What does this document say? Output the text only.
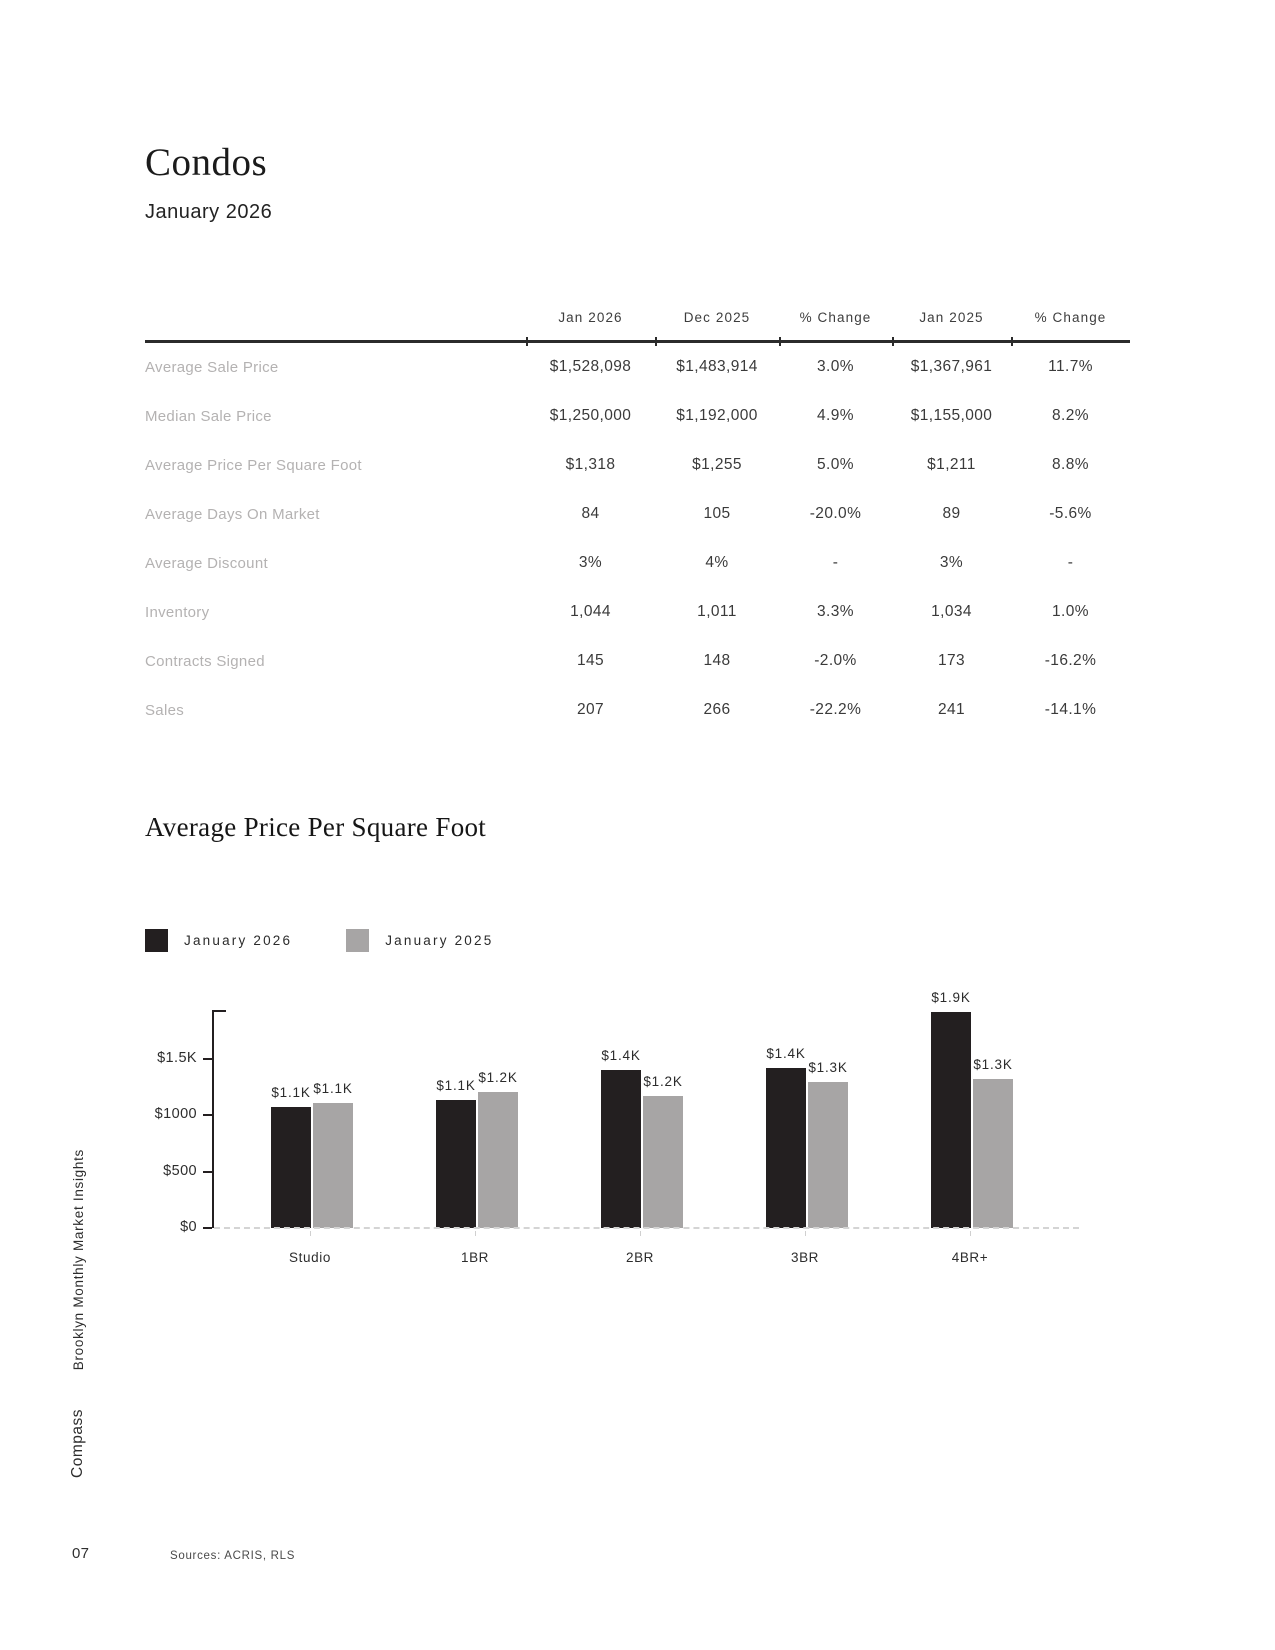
Condos

January 2026

	Jan 2026	Dec 2025	% Change	Jan 2025	% Change
Average Sale Price	$1,528,098	$1,483,914	3.0%	$1,367,961	11.7%
Median Sale Price	$1,250,000	$1,192,000	4.9%	$1,155,000	8.2%
Average Price Per Square Foot	$1,318	$1,255	5.0%	$1,211	8.8%
Average Days On Market	84	105	-20.0%	89	-5.6%
Average Discount	3%	4%	-	3%	-
Inventory	1,044	1,011	3.3%	1,034	1.0%
Contracts Signed	145	148	-2.0%	173	-16.2%
Sales	207	266	-22.2%	241	-14.1%
Average Price Per Square Foot
January 2026	January 2025
$1.1K $1.1K	$1.1K
$1.2K
$1.4K
$1.2K
$1.4K
$1.3K
$1.9K
$1.3K
$1.5K
$1000
$500
$0
Studio	1BR	2BR	3BR	4BR+
Brooklyn Monthly Market Insights
Compass
07	Sources: ACRIS, RLS
